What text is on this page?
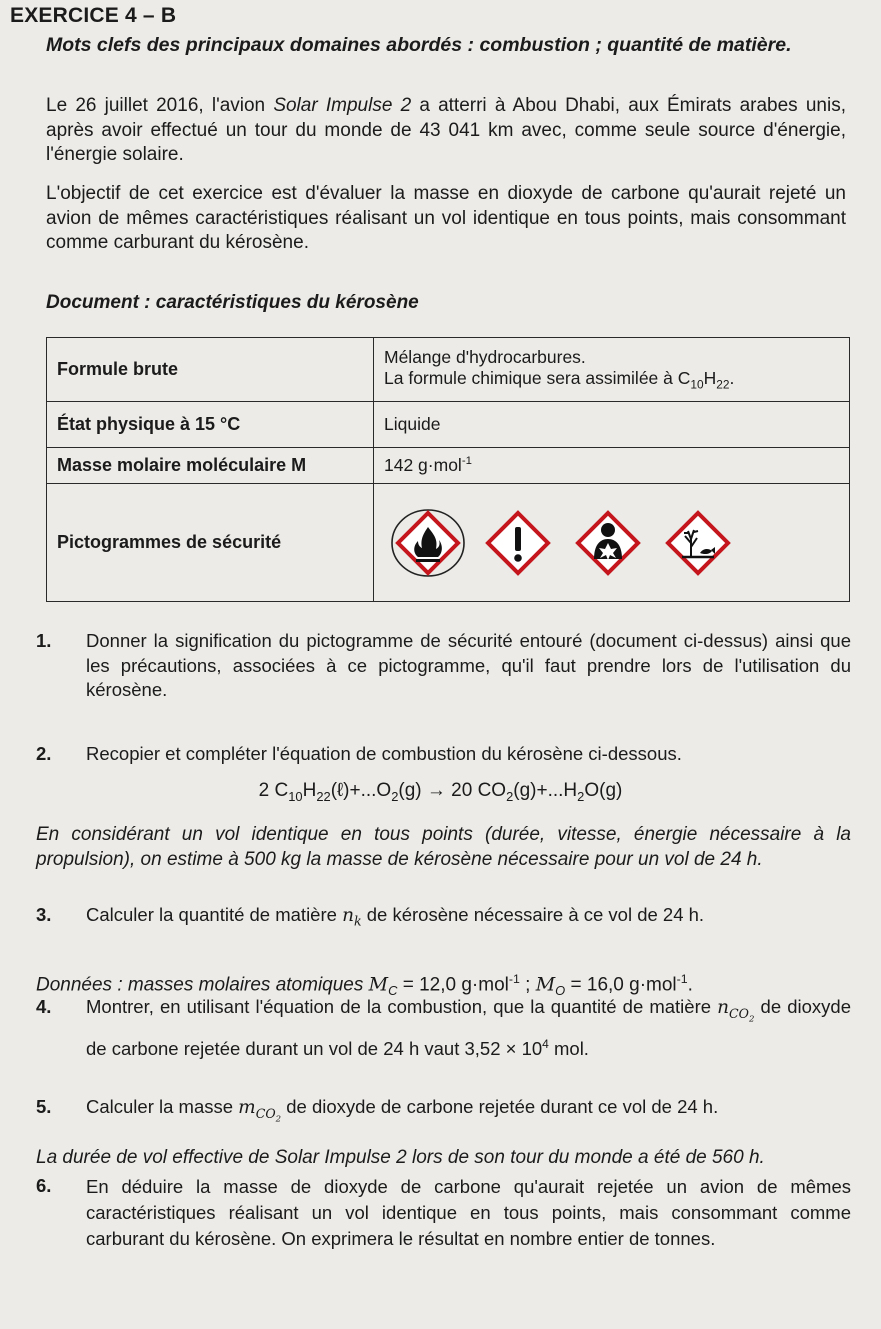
EXERCICE 4 – B
Mots clefs des principaux domaines abordés : combustion ; quantité de matière.
Le 26 juillet 2016, l'avion Solar Impulse 2 a atterri à Abou Dhabi, aux Émirats arabes unis, après avoir effectué un tour du monde de 43 041 km avec, comme seule source d'énergie, l'énergie solaire.
L'objectif de cet exercice est d'évaluer la masse en dioxyde de carbone qu'aurait rejeté un avion de mêmes caractéristiques réalisant un vol identique en tous points, mais consommant comme carburant du kérosène.
Document : caractéristiques du kérosène
Formule brute	Mélange d'hydrocarbures.
La formule chimique sera assimilée à $C_{10}H_{22}$.

État physique à 15 °C	Liquide
Masse molaire moléculaire M	142 g·mol$^{-1}$
Pictogrammes de sécurité	
1.	Donner la signification du pictogramme de sécurité entouré (document ci-dessus) ainsi que les précautions, associées à ce pictogramme, qu'il faut prendre lors de l'utilisation du kérosène.
2.	Recopier et compléter l'équation de combustion du kérosène ci-dessous.
2 $C_{10}H_{22}(\ell)+...O_2(g) \to 20$ $CO_2(g)+...H_2O(g)$
En considérant un vol identique en tous points (durée, vitesse, énergie nécessaire à la propulsion), on estime à 500 kg la masse de kérosène nécessaire pour un vol de 24 h.
3.	Calculer la quantité de matière $n_k$ de kérosène nécessaire à ce vol de 24 h.
Données : masses molaires atomiques $M_C = 12,0$ g·mol$^{-1}$ ; $M_O = 16,0$ g·mol$^{-1}$.
4.	Montrer, en utilisant l'équation de la combustion, que la quantité de matière $n_{CO_2}$ de dioxyde de carbone rejetée durant un vol de 24 h vaut $3,52 \times 10^4$ mol.
5.	Calculer la masse $m_{CO_2}$ de dioxyde de carbone rejetée durant ce vol de 24 h.
La durée de vol effective de Solar Impulse 2 lors de son tour du monde a été de 560 h.
6.	En déduire la masse de dioxyde de carbone qu'aurait rejetée un avion de mêmes caractéristiques réalisant un vol identique en tous points, mais consommant comme carburant du kérosène. On exprimera le résultat en nombre entier de tonnes.
